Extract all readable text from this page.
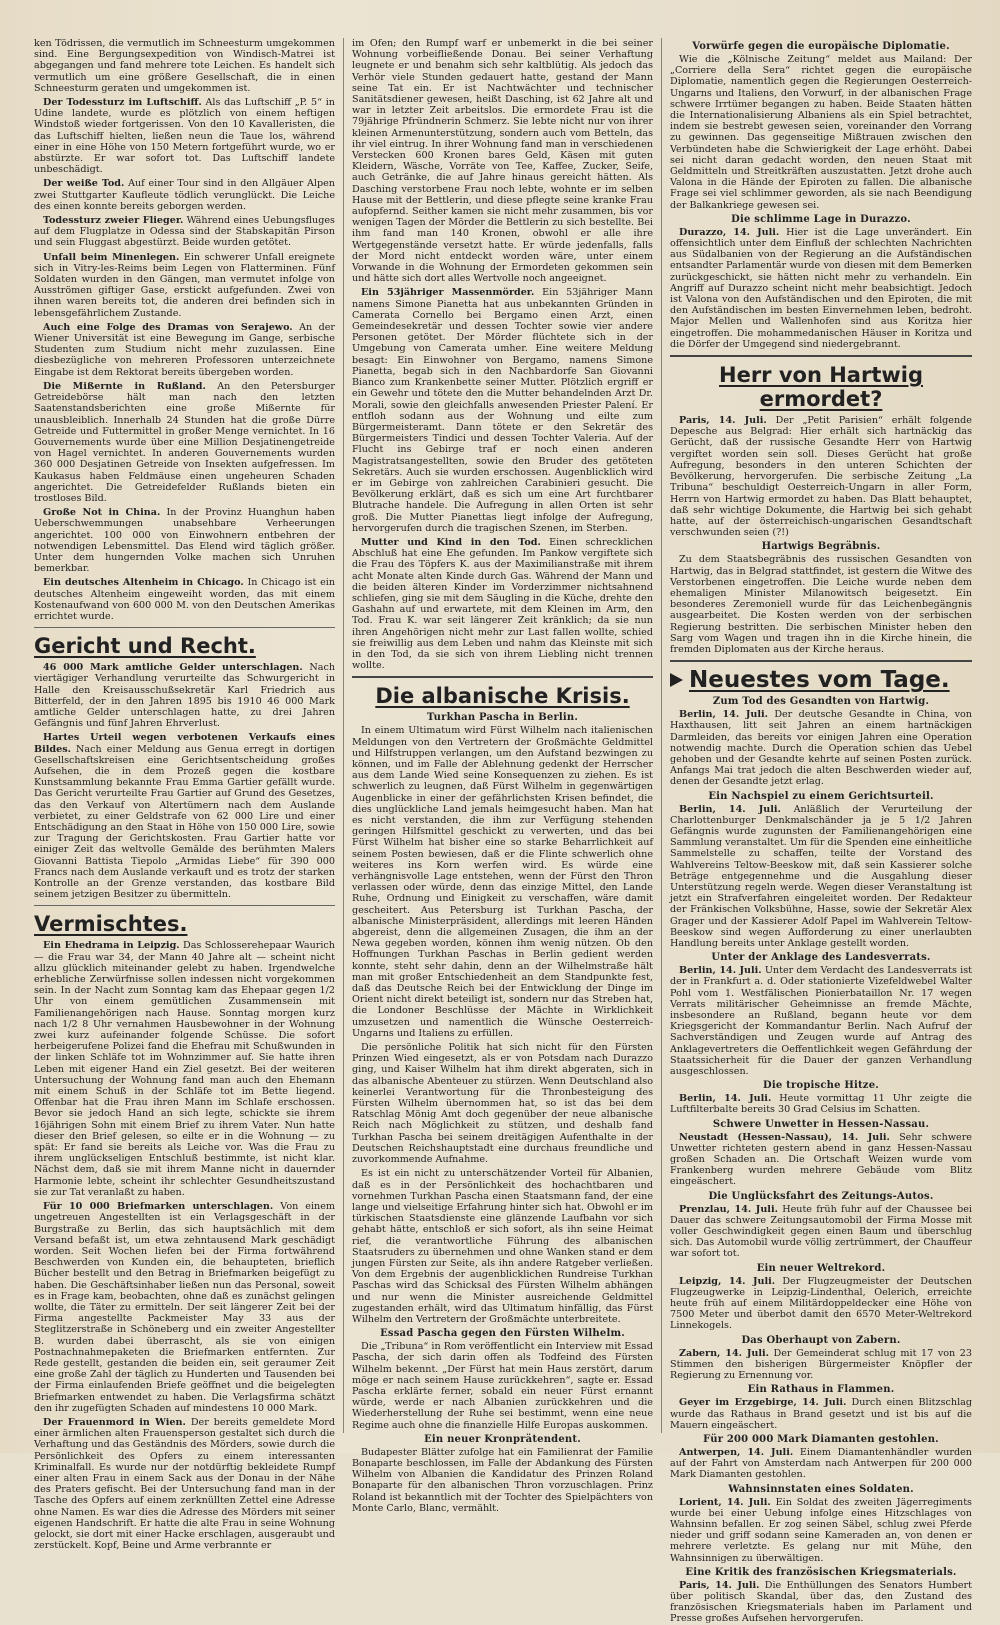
ken Tödrissen, die vermutlich im Schneesturm umgekommen sind. Eine Bergungsexpedition von Windisch-Matrei ist abgegangen und fand mehrere tote Leichen. Es handelt sich vermutlich um eine größere Gesellschaft, die in einen Schneesturm geraten und umgekommen ist.

Der Todessturz im Luftschiff. Als das Luftschiff „P. 5“ in Udine landete, wurde es plötzlich von einem heftigen Windstoß wieder fortgerissen. Von den 10 Kavalleristen, die das Luftschiff hielten, ließen neun die Taue los, während einer in eine Höhe von 150 Metern fortgeführt wurde, wo er abstürzte. Er war sofort tot. Das Luftschiff landete unbeschädigt.

Der weiße Tod. Auf einer Tour sind in den Allgäuer Alpen zwei Stuttgarter Kaufleute tödlich verunglückt. Die Leiche des einen konnte bereits geborgen werden.

Todessturz zweier Flieger. Während eines Uebungsfluges auf dem Flugplatze in Odessa sind der Stabskapitän Pirson und sein Fluggast abgestürzt. Beide wurden getötet.

Unfall beim Minenlegen. Ein schwerer Unfall ereignete sich in Vitry-les-Reims beim Legen von Flatterminen. Fünf Soldaten wurden in den Gängen, man vermutet infolge von Ausströmen giftiger Gase, erstickt aufgefunden. Zwei von ihnen waren bereits tot, die anderen drei befinden sich in lebensgefährlichem Zustande.

Auch eine Folge des Dramas von Serajewo. An der Wiener Universität ist eine Bewegung im Gange, serbische Studenten zum Studium nicht mehr zuzulassen. Eine diesbezügliche von mehreren Professoren unterzeichnete Eingabe ist dem Rektorat bereits übergeben worden.

Die Mißernte in Rußland. An den Petersburger Getreidebörse hält man nach den letzten Saatenstandsberichten eine große Mißernte für unausbleiblich. Innerhalb 24 Stunden hat die große Dürre Getreide und Futtermittel in großer Menge vernichtet. In 16 Gouvernements wurde über eine Million Desjatinengetreide von Hagel vernichtet. In anderen Gouvernements wurden 360 000 Desjatinen Getreide von Insekten aufgefressen. Im Kaukasus haben Feldmäuse einen ungeheuren Schaden angerichtet. Die Getreidefelder Rußlands bieten ein trostloses Bild.

Große Not in China. In der Provinz Huanghun haben Ueberschwemmungen unabsehbare Verheerungen angerichtet. 100 000 von Einwohnern entbehren der notwendigen Lebensmittel. Das Elend wird täglich größer. Unter dem hungernden Volke machen sich Unruhen bemerkbar.

Ein deutsches Altenheim in Chicago. In Chicago ist ein deutsches Altenheim eingeweiht worden, das mit einem Kostenaufwand von 600 000 M. von den Deutschen Amerikas errichtet wurde.

Gericht und Recht.

46 000 Mark amtliche Gelder unterschlagen. Nach viertägiger Verhandlung verurteilte das Schwurgericht in Halle den Kreisausschußsekretär Karl Friedrich aus Bitterfeld, der in den Jahren 1895 bis 1910 46 000 Mark amtliche Gelder unterschlagen hatte, zu drei Jahren Gefängnis und fünf Jahren Ehrverlust.

Hartes Urteil wegen verbotenen Verkaufs eines Bildes. Nach einer Meldung aus Genua erregt in dortigen Gesellschaftskreisen eine Gerichtsentscheidung großes Aufsehen, die in dem Prozeß gegen die kostbare Kunstsammlung bekannte Frau Emma Gartier gefällt wurde. Das Gericht verurteilte Frau Gartier auf Grund des Gesetzes, das den Verkauf von Altertümern nach dem Auslande verbietet, zu einer Geldstrafe von 62 000 Lire und einer Entschädigung an den Staat in Höhe von 150 000 Lire, sowie zur Tragung der Gerichtskosten. Frau Gartier hatte vor einiger Zeit das weltvolle Gemälde des berühmten Malers Giovanni Battista Tiepolo „Armidas Liebe“ für 390 000 Francs nach dem Auslande verkauft und es trotz der starken Kontrolle an der Grenze verstanden, das kostbare Bild seinem jetzigen Besitzer zu übermitteln.

Vermischtes.

Ein Ehedrama in Leipzig. Das Schlosserehepaar Waurich — die Frau war 34, der Mann 40 Jahre alt — scheint nicht allzu glücklich miteinander gelebt zu haben. Irgendwelche erhebliche Zerwürfnisse sollen indessen nicht vorgekommen sein. In der Nacht zum Sonntag kam das Ehepaar gegen 1/2 Uhr von einem gemütlichen Zusammensein mit Familienangehörigen nach Hause. Sonntag morgen kurz nach 1/2 8 Uhr vernahmen Hausbewohner in der Wohnung zwei kurz aufeinander folgende Schüsse. Die sofort herbeigerufene Polizei fand die Ehefrau mit Schußwunden in der linken Schläfe tot im Wohnzimmer auf. Sie hatte ihren Leben mit eigener Hand ein Ziel gesetzt. Bei der weiteren Untersuchung der Wohnung fand man auch den Ehemann mit einem Schuß in der Schläfe tot im Bette liegend. Offenbar hat die Frau ihren Mann im Schlafe erschossen. Bevor sie jedoch Hand an sich legte, schickte sie ihrem 16jährigen Sohn mit einem Brief zu ihrem Vater. Nun hatte dieser den Brief gelesen, so eilte er in die Wohnung — zu spät: Er fand sie bereits als Leiche vor. Was die Frau zu ihrem unglückseligen Entschluß bestimmte, ist nicht klar. Nächst dem, daß sie mit ihrem Manne nicht in dauernder Harmonie lebte, scheint ihr schlechter Gesundheitszustand sie zur Tat veranlaßt zu haben.

Für 10 000 Briefmarken unterschlagen. Von einem ungetreuen Angestellten ist ein Verlagsgeschäft in der Burgstraße zu Berlin, das sich hauptsächlich mit dem Versand befaßt ist, um etwa zehntausend Mark geschädigt worden. Seit Wochen liefen bei der Firma fortwährend Beschwerden von Kunden ein, die behaupteten, brieflich Bücher bestellt und den Betrag in Briefmarken beigefügt zu haben. Die Geschäftsinhaber ließen nun das Personal, soweit es in Frage kam, beobachten, ohne daß es zunächst gelingen wollte, die Täter zu ermitteln. Der seit längerer Zeit bei der Firma angestellte Packmeister May 33 aus der Steglitzerstraße in Schöneberg und ein zweiter Angestellter B. wurden dabei überrascht, als sie von einigen Postnachnahmepaketen die Briefmarken entfernten. Zur Rede gestellt, gestanden die beiden ein, seit geraumer Zeit eine große Zahl der täglich zu Hunderten und Tausenden bei der Firma einlaufenden Briefe geöffnet und die beigelegten Briefmarken entwendet zu haben. Die Verlagsfirma schätzt den ihr zugefügten Schaden auf mindestens 10 000 Mark.

Der Frauenmord in Wien. Der bereits gemeldete Mord einer ärmlichen alten Frauensperson gestaltet sich durch die Verhaftung und das Geständnis des Mörders, sowie durch die Persönlichkeit des Opfers zu einem interessanten Kriminalfall. Es wurde nur der notdürftig bekleidete Rumpf einer alten Frau in einem Sack aus der Donau in der Nähe des Praters gefischt. Bei der Untersuchung fand man in der Tasche des Opfers auf einem zerknüllten Zettel eine Adresse ohne Namen. Es war dies die Adresse des Mörders mit seiner eigenen Handschrift. Er hatte die alte Frau in seine Wohnung gelockt, sie dort mit einer Hacke erschlagen, ausgeraubt und zerstückelt. Kopf, Beine und Arme verbrannte er

im Ofen; den Rumpf warf er unbemerkt in die bei seiner Wohnung vorbeifließende Donau. Bei seiner Verhaftung leugnete er und benahm sich sehr kaltblütig. Als jedoch das Verhör viele Stunden gedauert hatte, gestand der Mann seine Tat ein. Er ist Nachtwächter und technischer Sanitätsdiener gewesen, heißt Dasching, ist 62 Jahre alt und war in letzter Zeit arbeitslos. Die ermordete Frau ist die 79jährige Pfründnerin Schmerz. Sie lebte nicht nur von ihrer kleinen Armenunterstützung, sondern auch vom Betteln, das ihr viel eintrug. In ihrer Wohnung fand man in verschiedenen Verstecken 600 Kronen bares Geld, Käsen mit guten Kleidern, Wäsche, Vorräte von Tee, Kaffee, Zucker, Seife, auch Getränke, die auf Jahre hinaus gereicht hätten. Als Dasching verstorbene Frau noch lebte, wohnte er im selben Hause mit der Bettlerin, und diese pflegte seine kranke Frau aufopfernd. Seither kamen sie nicht mehr zusammen, bis vor wenigen Tagen der Mörder die Bettlerin zu sich bestellte. Bei ihm fand man 140 Kronen, obwohl er alle ihre Wertgegenstände versetzt hatte. Er würde jedenfalls, falls der Mord nicht entdeckt worden wäre, unter einem Vorwande in die Wohnung der Ermordeten gekommen sein und hätte sich dort alles Wertvolle noch angeeignet.

Ein 53jähriger Massenmörder. Ein 53jähriger Mann namens Simone Pianetta hat aus unbekannten Gründen in Camerata Cornello bei Bergamo einen Arzt, einen Gemeindesekretär und dessen Tochter sowie vier andere Personen getötet. Der Mörder flüchtete sich in der Umgebung von Camerata umher. Eine weitere Meldung besagt: Ein Einwohner von Bergamo, namens Simone Pianetta, begab sich in den Nachbardorfe San Giovanni Bianco zum Krankenbette seiner Mutter. Plötzlich ergriff er ein Gewehr und tötete den die Mutter behandelnden Arzt Dr. Morali, sowie den gleichfalls anwesenden Priester Palení. Er entfloh sodann aus der Wohnung und eilte zum Bürgermeisteramt. Dann tötete er den Sekretär des Bürgermeisters Tindici und dessen Tochter Valeria. Auf der Flucht ins Gebirge traf er noch einen anderen Magistratsangestellten, sowie den Bruder des getöteten Sekretärs. Auch sie wurden erschossen. Augenblicklich wird er im Gebirge von zahlreichen Carabinieri gesucht. Die Bevölkerung erklärt, daß es sich um eine Art furchtbarer Blutrache handele. Die Aufregung in allen Orten ist sehr groß. Die Mutter Pianettas liegt infolge der Aufregung, hervorgerufen durch die tragischen Szenen, im Sterben.

Mutter und Kind in den Tod. Einen schrecklichen Abschluß hat eine Ehe gefunden. Im Pankow vergiftete sich die Frau des Töpfers K. aus der Maximilianstraße mit ihrem acht Monate alten Kinde durch Gas. Während der Mann und die beiden älteren Kinder im Vorderzimmer nichtsahnend schliefen, ging sie mit dem Säugling in die Küche, drehte den Gashahn auf und erwartete, mit dem Kleinen im Arm, den Tod. Frau K. war seit längerer Zeit kränklich; da sie nun ihren Angehörigen nicht mehr zur Last fallen wollte, schied sie freiwillig aus dem Leben und nahm das Kleinste mit sich in den Tod, da sie sich von ihrem Liebling nicht trennen wollte.

Die albanische Krisis.
Turkhan Pascha in Berlin.

In einem Ultimatum wird Fürst Wilhelm nach italienischen Meldungen von den Vertretern der Großmächte Geldmittel und Hilfstruppen verlangen, um den Aufstand bezwingen zu können, und im Falle der Ablehnung gedenkt der Herrscher aus dem Lande Wied seine Konsequenzen zu ziehen. Es ist schwerlich zu leugnen, daß Fürst Wilhelm in gegenwärtigen Augenblicke in einer der gefährlichsten Krisen befindet, die dies unglückliche Land jemals heimgesucht haben. Man hat es nicht verstanden, die ihm zur Verfügung stehenden geringen Hilfsmittel geschickt zu verwerten, und das bei Fürst Wilhelm hat bisher eine so starke Beharrlichkeit auf seinem Posten bewiesen, daß er die Flinte schwerlich ohne weiteres ins Korn werfen wird. Es würde eine verhängnisvolle Lage entstehen, wenn der Fürst den Thron verlassen oder würde, denn das einzige Mittel, den Lande Ruhe, Ordnung und Einigkeit zu verschaffen, wäre damit gescheitert. Aus Petersburg ist Turkhan Pascha, der albanische Ministerpräsident, allerdings mit leeren Händen abgereist, denn die allgemeinen Zusagen, die ihm an der Newa gegeben worden, können ihm wenig nützen. Ob den Hoffnungen Turkhan Paschas in Berlin gedient werden konnte, steht sehr dahin, denn an der Wilhelmstraße hält man mit großer Entschiedenheit an dem Standpunkte fest, daß das Deutsche Reich bei der Entwicklung der Dinge im Orient nicht direkt beteiligt ist, sondern nur das Streben hat, die Londoner Beschlüsse der Mächte in Wirklichkeit umzusetzen und namentlich die Wünsche Oesterreich-Ungarns und Italiens zu erfüllen.

Die persönliche Politik hat sich nicht für den Fürsten Prinzen Wied eingesetzt, als er von Potsdam nach Durazzo ging, und Kaiser Wilhelm hat ihm direkt abgeraten, sich in das albanische Abenteuer zu stürzen. Wenn Deutschland also keinerlei Verantwortung für die Thronbesteigung des Fürsten Wilhelm übernommen hat, so ist das bei dem Ratschlag Mönig Amt doch gegenüber der neue albanische Reich nach Möglichkeit zu stützen, und deshalb fand Turkhan Pascha bei seinem dreitägigen Aufenthalte in der Deutschen Reichshauptstadt eine durchaus freundliche und zuvorkommende Aufnahme.

Es ist ein nicht zu unterschätzender Vorteil für Albanien, daß es in der Persönlichkeit des hochachtbaren und vornehmen Turkhan Pascha einen Staatsmann fand, der eine lange und vielseitige Erfahrung hinter sich hat. Obwohl er im türkischen Staatsdienste eine glänzende Laufbahn vor sich gehabt hätte, entschloß er sich sofort, als ihn seine Heimat rief, die verantwortliche Führung des albanischen Staatsruders zu übernehmen und ohne Wanken stand er dem jungen Fürsten zur Seite, als ihn andere Ratgeber verließen. Von dem Ergebnis der augenblicklichen Rundreise Turkhan Paschas wird das Schicksal des Fürsten Wilhelm abhängen und nur wenn die Minister ausreichende Geldmittel zugestanden erhält, wird das Ultimatum hinfällig, das Fürst Wilhelm den Vertretern der Großmächte unterbreitete.

Essad Pascha gegen den Fürsten Wilhelm.

Die „Tribuna“ in Rom veröffentlicht ein Interview mit Essad Pascha, der sich darin offen als Todfeind des Fürsten Wilhelm bekennt. „Der Fürst hat mein Haus zerstört, darum möge er nach seinem Hause zurückkehren“, sagte er. Essad Pascha erklärte ferner, sobald ein neuer Fürst ernannt würde, werde er nach Albanien zurückkehren und die Wiederherstellung der Ruhe sei bestimmt, wenn eine neue Regime auch ohne die finanzielle Hilfe Europas auskommen.

Ein neuer Kronprätendent.

Budapester Blätter zufolge hat ein Familienrat der Familie Bonaparte beschlossen, im Falle der Abdankung des Fürsten Wilhelm von Albanien die Kandidatur des Prinzen Roland Bonaparte für den albanischen Thron vorzuschlagen. Prinz Roland ist bekanntlich mit der Tochter des Spielpächters von Monte Carlo, Blanc, vermählt.

Vorwürfe gegen die europäische Diplomatie.

Wie die „Kölnische Zeitung“ meldet aus Mailand: Der „Corriere della Sera“ richtet gegen die europäische Diplomatie, namentlich gegen die Regierungen Oesterreich-Ungarns und Italiens, den Vorwurf, in der albanischen Frage schwere Irrtümer begangen zu haben. Beide Staaten hätten die Internationalisierung Albaniens als ein Spiel betrachtet, indem sie bestrebt gewesen seien, voreinander den Vorrang zu gewinnen. Das gegenseitige Mißtrauen zwischen den Verbündeten habe die Schwierigkeit der Lage erhöht. Dabei sei nicht daran gedacht worden, den neuen Staat mit Geldmitteln und Streitkräften auszustatten. Jetzt drohe auch Valona in die Hände der Epiroten zu fallen. Die albanische Frage sei viel schlimmer geworden, als sie nach Beendigung der Balkankriege gewesen sei.

Die schlimme Lage in Durazzo.

Durazzo, 14. Juli. Hier ist die Lage unverändert. Ein offensichtlich unter dem Einfluß der schlechten Nachrichten aus Südalbanien von der Regierung an die Aufständischen entsandter Parlamentär wurde von diesen mit dem Bemerken zurückgeschickt, sie hätten nicht mehr zu verhandeln. Ein Angriff auf Durazzo scheint nicht mehr beabsichtigt. Jedoch ist Valona von den Aufständischen und den Epiroten, die mit den Aufständischen im besten Einvernehmen leben, bedroht. Major Mellen und Wallenhofen sind aus Koritza hier eingetroffen. Die mohammedanischen Häuser in Koritza und die Dörfer der Umgegend sind niedergebrannt.

Herr von Hartwig ermordet?

Paris, 14. Juli. Der „Petit Parisien“ erhält folgende Depesche aus Belgrad: Hier erhält sich hartnäckig das Gerücht, daß der russische Gesandte Herr von Hartwig vergiftet worden sein soll. Dieses Gerücht hat große Aufregung, besonders in den unteren Schichten der Bevölkerung, hervorgerufen. Die serbische Zeitung „La Tribuna“ beschuldigt Oesterreich-Ungarn in aller Form, Herrn von Hartwig ermordet zu haben. Das Blatt behauptet, daß sehr wichtige Dokumente, die Hartwig bei sich gehabt hatte, auf der österreichisch-ungarischen Gesandtschaft verschwunden seien (?!)

Hartwigs Begräbnis.

Zu dem Staatsbegräbnis des russischen Gesandten von Hartwig, das in Belgrad stattfindet, ist gestern die Witwe des Verstorbenen eingetroffen. Die Leiche wurde neben dem ehemaligen Minister Milanowitsch beigesetzt. Ein besonderes Zeremoniell wurde für das Leichenbegängnis ausgearbeitet. Die Kosten werden von der serbischen Regierung bestritten. Die serbischen Minister heben den Sarg vom Wagen und tragen ihn in die Kirche hinein, die fremden Diplomaten aus der Kirche heraus.

Neuestes vom Tage.
Zum Tod des Gesandten von Hartwig.

Berlin, 14. Juli. Der deutsche Gesandte in China, von Haxthausen, litt seit Jahren an einem hartnäckigen Darmleiden, das bereits vor einigen Jahren eine Operation notwendig machte. Durch die Operation schien das Uebel gehoben und der Gesandte kehrte auf seinen Posten zurück. Anfangs Mai trat jedoch die alten Beschwerden wieder auf, denen der Gesandte jetzt erlag.

Ein Nachspiel zu einem Gerichtsurteil.

Berlin, 14. Juli. Anläßlich der Verurteilung der Charlottenburger Denkmalschänder ja je 5 1/2 Jahren Gefängnis wurde zugunsten der Familienangehörigen eine Sammlung veranstaltet. Um für die Spenden eine einheitliche Sammelstelle zu schaffen, teilte der Vorstand des Wahlvereins Teltow-Beeskow mit, daß sein Kassierer solche Beträge entgegennehme und die Ausgahlung dieser Unterstützung regeln werde. Wegen dieser Veranstaltung ist jetzt ein Strafverfahren eingeleitet worden. Der Redakteur der Fränkischen Volksbühne, Hasse, sowie der Sekretär Alex Grager und der Kassierer Adolf Papel im Wahlverein Teltow-Beeskow sind wegen Aufforderung zu einer unerlaubten Handlung bereits unter Anklage gestellt worden.

Unter der Anklage des Landesverrats.

Berlin, 14. Juli. Unter dem Verdacht des Landesverrats ist der in Frankfurt a. d. Oder stationierte Vizefeldwebel Walter Pohl vom 1. Westfälischen Pionierbataillon Nr. 17 wegen Verrats militärischer Geheimnisse an fremde Mächte, insbesondere an Rußland, begann heute vor dem Kriegsgericht der Kommandantur Berlin. Nach Aufruf der Sachverständigen und Zeugen wurde auf Antrag des Anklagevertreters die Oeffentlichkeit wegen Gefährdung der Staatssicherheit für die Dauer der ganzen Verhandlung ausgeschlossen.

Die tropische Hitze.

Berlin, 14. Juli. Heute vormittag 11 Uhr zeigte die Luftfilterbalte bereits 30 Grad Celsius im Schatten.

Schwere Unwetter in Hessen-Nassau.

Neustadt (Hessen-Nassau), 14. Juli. Sehr schwere Unwetter richteten gestern abend in ganz Hessen-Nassau großen Schaden an. Die Ortschaft Weizen wurde vom Frankenberg wurden mehrere Gebäude vom Blitz eingeäschert.

Die Unglücksfahrt des Zeitungs-Autos.

Prenzlau, 14. Juli. Heute früh fuhr auf der Chaussee bei Dauer das schwere Zeitungsautomobil der Firma Mosse mit voller Geschwindigkeit gegen einen Baum und überschlug sich. Das Automobil wurde völlig zertrümmert, der Chauffeur war sofort tot.

Ein neuer Weltrekord.

Leipzig, 14. Juli. Der Flugzeugmeister der Deutschen Flugzeugwerke in Leipzig-Lindenthal, Oelerich, erreichte heute früh auf einem Militärdoppeldecker eine Höhe von 7500 Meter und überbot damit den 6570 Meter-Weltrekord Linnekogels.

Das Oberhaupt von Zabern.

Zabern, 14. Juli. Der Gemeinderat schlug mit 17 von 23 Stimmen den bisherigen Bürgermeister Knöpfler der Regierung zu Ernennung vor.

Ein Rathaus in Flammen.

Geyer im Erzgebirge, 14. Juli. Durch einen Blitzschlag wurde das Rathaus in Brand gesetzt und ist bis auf die Mauern eingeäschert.

Für 200 000 Mark Diamanten gestohlen.

Antwerpen, 14. Juli. Einem Diamantenhändler wurden auf der Fahrt von Amsterdam nach Antwerpen für 200 000 Mark Diamanten gestohlen.

Wahnsinnstaten eines Soldaten.

Lorient, 14. Juli. Ein Soldat des zweiten Jägerregiments wurde bei einer Uebung infolge eines Hitzschlages von Wahnsinn befallen. Er zog seinen Säbel, schlug zwei Pferde nieder und griff sodann seine Kameraden an, von denen er mehrere verletzte. Es gelang nur mit Mühe, den Wahnsinnigen zu überwältigen.

Eine Kritik des französischen Kriegsmaterials.

Paris, 14. Juli. Die Enthüllungen des Senators Humbert über politisch Skandal, über das, den Zustand des französischen Kriegsmaterials haben im Parlament und Presse großes Aufsehen hervorgerufen.
